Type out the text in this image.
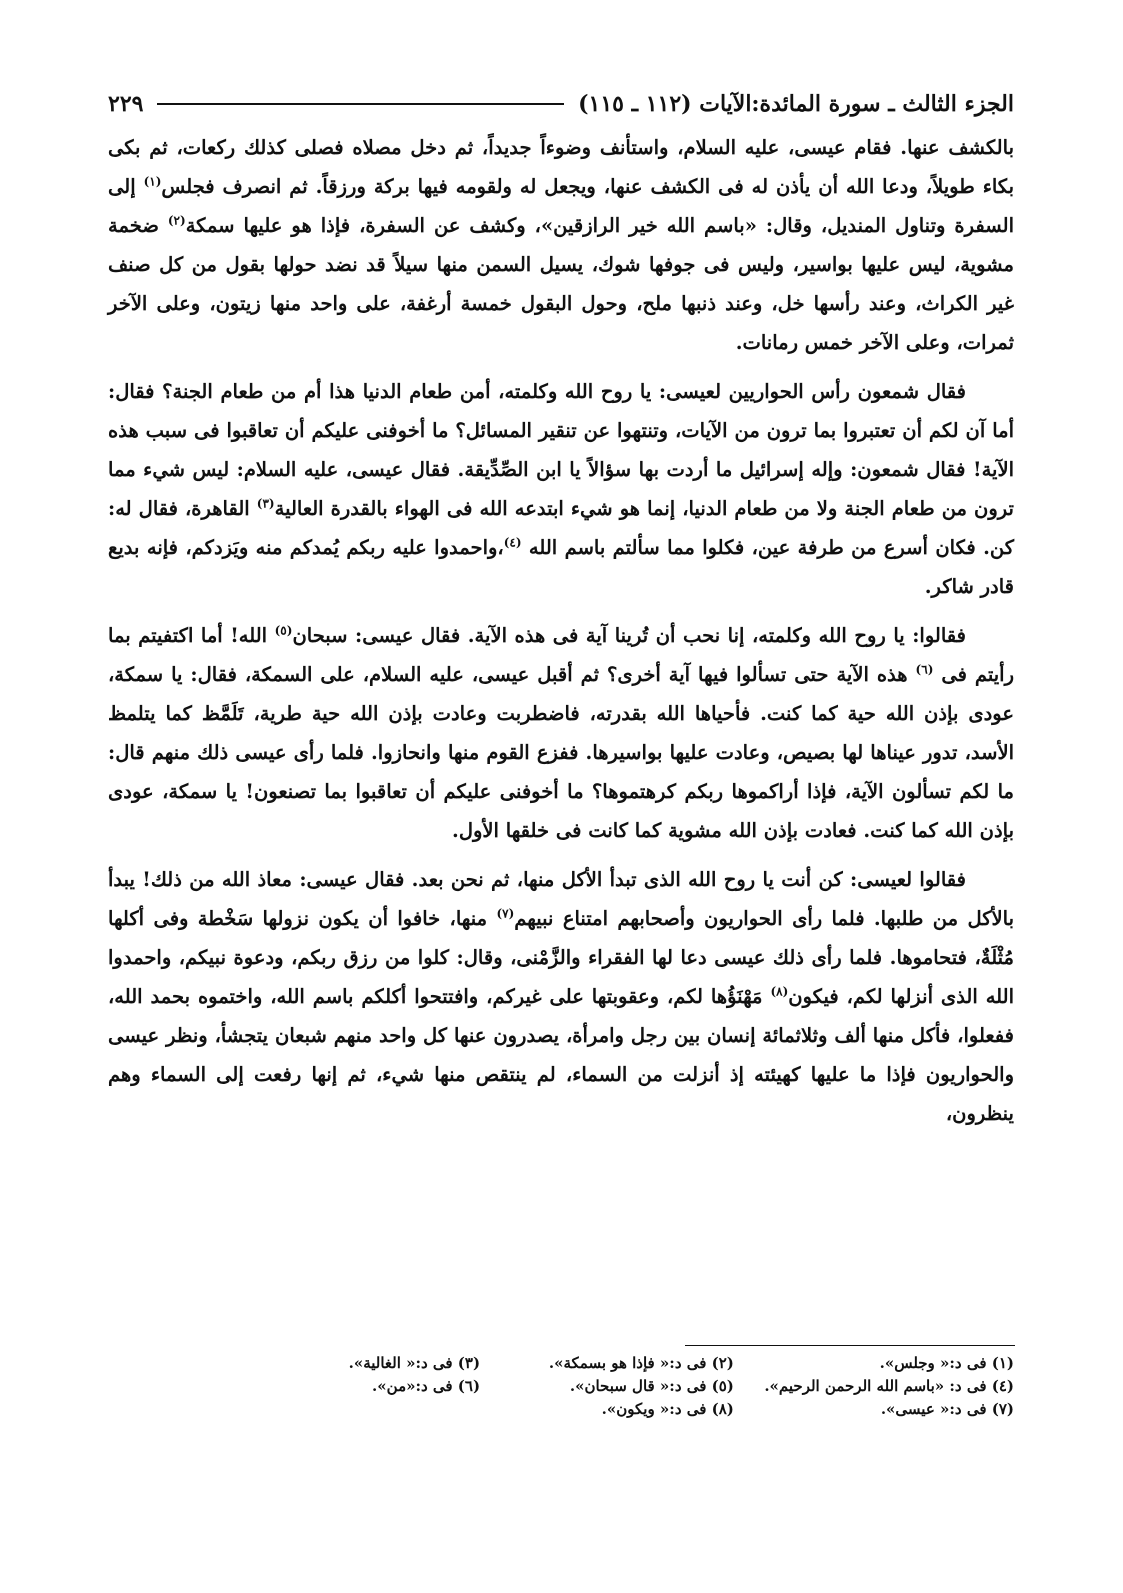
الجزء الثالث ـ سورة المائدة:الآيات (١١٢ ـ ١١٥)
٢٢٩

بالكشف عنها. فقام عيسى، عليه السلام، واستأنف وضوءاً جديداً، ثم دخل مصلاه فصلى كذلك ركعات، ثم بكى بكاء طويلاً، ودعا الله أن يأذن له فى الكشف عنها، ويجعل له ولقومه فيها بركة ورزقاً. ثم انصرف فجلس$^{(١)}$ إلى السفرة وتناول المنديل، وقال: «باسم الله خير الرازقين»، وكشف عن السفرة، فإذا هو عليها سمكة$^{(٢)}$ ضخمة مشوية، ليس عليها بواسير، وليس فى جوفها شوك، يسيل السمن منها سيلاً قد نضد حولها بقول من كل صنف غير الكراث، وعند رأسها خل، وعند ذنبها ملح، وحول البقول خمسة أرغفة، على واحد منها زيتون، وعلى الآخر ثمرات، وعلى الآخر خمس رمانات.

فقال شمعون رأس الحواريين لعيسى: يا روح الله وكلمته، أمن طعام الدنيا هذا أم من طعام الجنة؟ فقال: أما آن لكم أن تعتبروا بما ترون من الآيات، وتنتهوا عن تنقير المسائل؟ ما أخوفنى عليكم أن تعاقبوا فى سبب هذه الآية! فقال شمعون: وإله إسرائيل ما أردت بها سؤالاً يا ابن الصِّدِّيقة. فقال عيسى، عليه السلام: ليس شيء مما ترون من طعام الجنة ولا من طعام الدنيا، إنما هو شيء ابتدعه الله فى الهواء بالقدرة العالية$^{(٣)}$ القاهرة، فقال له: كن. فكان أسرع من طرفة عين، فكلوا مما سألتم باسم الله $^{(٤)}$،واحمدوا عليه ربكم يُمدكم منه ويَزدكم، فإنه بديع قادر شاكر.

فقالوا: يا روح الله وكلمته، إنا نحب أن تُرينا آية فى هذه الآية. فقال عيسى: سبحان$^{(٥)}$ الله! أما اكتفيتم بما رأيتم فى $^{(٦)}$ هذه الآية حتى تسألوا فيها آية أخرى؟ ثم أقبل عيسى، عليه السلام، على السمكة، فقال: يا سمكة، عودى بإذن الله حية كما كنت. فأحياها الله بقدرته، فاضطربت وعادت بإذن الله حية طرية، تَلَمَّظ كما يتلمظ الأسد، تدور عيناها لها بصيص، وعادت عليها بواسيرها. ففزع القوم منها وانحازوا. فلما رأى عيسى ذلك منهم قال: ما لكم تسألون الآية، فإذا أراكموها ربكم كرهتموها؟ ما أخوفنى عليكم أن تعاقبوا بما تصنعون! يا سمكة، عودى بإذن الله كما كنت. فعادت بإذن الله مشوية كما كانت فى خلقها الأول.

فقالوا لعيسى: كن أنت يا روح الله الذى تبدأ الأكل منها، ثم نحن بعد. فقال عيسى: معاذ الله من ذلك! يبدأ بالأكل من طلبها. فلما رأى الحواريون وأصحابهم امتناع نبيهم$^{(٧)}$ منها، خافوا أن يكون نزولها سَخْطة وفى أكلها مُثْلَةٌ، فتحاموها. فلما رأى ذلك عيسى دعا لها الفقراء والزَّمْنى، وقال: كلوا من رزق ربكم، ودعوة نبيكم، واحمدوا الله الذى أنزلها لكم، فيكون$^{(٨)}$ مَهْنَؤُها لكم، وعقوبتها على غيركم، وافتتحوا أكلكم باسم الله، واختموه بحمد الله، ففعلوا، فأكل منها ألف وثلاثمائة إنسان بين رجل وامرأة، يصدرون عنها كل واحد منهم شبعان يتجشأ، ونظر عيسى والحواريون فإذا ما عليها كهيئته إذ أنزلت من السماء، لم ينتقص منها شيء، ثم إنها رفعت إلى السماء وهم ينظرون،

(١) فى د:« وجلس».
(٢) فى د:« فإذا هو بسمكة».
(٣) فى د:« الغالية».
(٤) فى د: «باسم الله الرحمن الرحيم».
(٥) فى د:« قال سبحان».
(٦) فى د:«من».
(٧) فى د:« عيسى».
(٨) فى د:« ويكون».
